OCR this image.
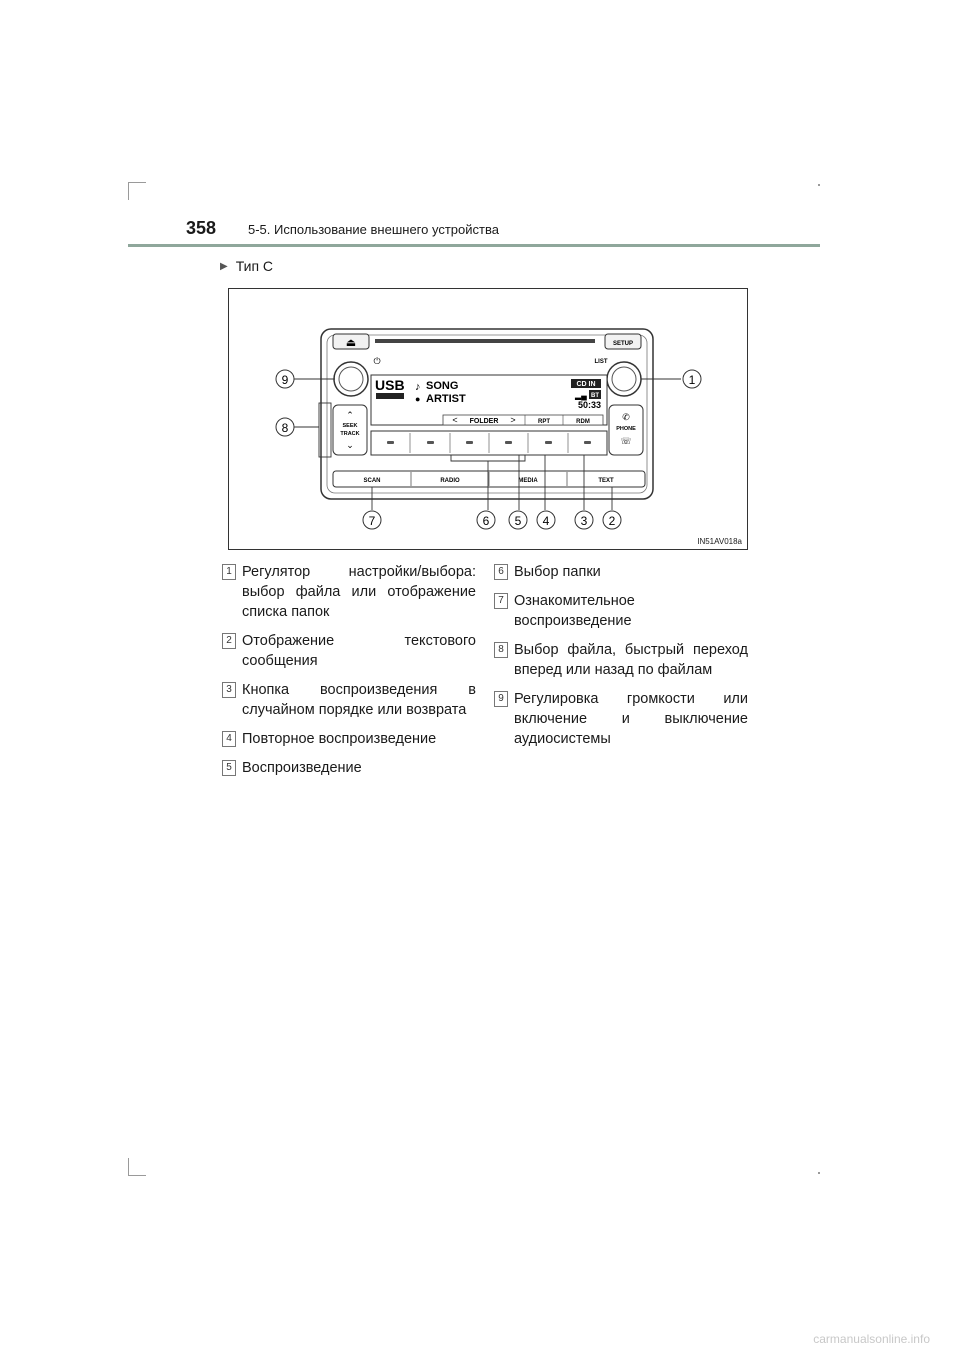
358 5-5. Использование внешнего устройства
▶ Тип C
⏏	SETUP
⏻	LIST
USB ♪ SONG
● ARTIST
CD IN
▂▄ BT
50:33
< FOLDER >	RPT	RDM
⌃
SEEK
TRACK
⌄
✆
PHONE
☏
SCAN	RADIO	MEDIA	TEXT
9	1
8
7	6 5 4	3 2
IN51AV018a
1 Регулятор настройки/выбора: выбор файла или отображение списка папок
2 Отображение текстового сообщения
3 Кнопка воспроизведения в случайном порядке или возврата
4 Повторное воспроизведение
5 Воспроизведение
6 Выбор папки
7 Ознакомительное воспроизведение
8 Выбор файла, быстрый переход вперед или назад по файлам
9 Регулировка громкости или включение и выключение аудиосистемы
carmanualsonline.info
